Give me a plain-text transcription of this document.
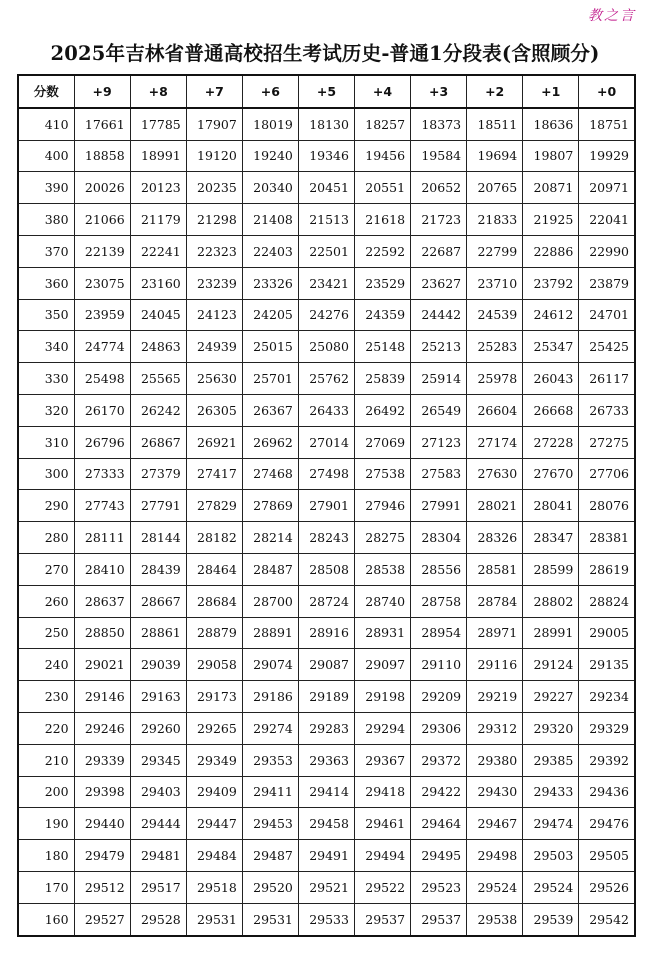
教之言
2025年吉林省普通高校招生考试历史-普通1分段表(含照顾分)
分数	+9	+8	+7	+6	+5	+4	+3	+2	+1	+0
410	17661	17785	17907	18019	18130	18257	18373	18511	18636	18751
400	18858	18991	19120	19240	19346	19456	19584	19694	19807	19929
390	20026	20123	20235	20340	20451	20551	20652	20765	20871	20971
380	21066	21179	21298	21408	21513	21618	21723	21833	21925	22041
370	22139	22241	22323	22403	22501	22592	22687	22799	22886	22990
360	23075	23160	23239	23326	23421	23529	23627	23710	23792	23879
350	23959	24045	24123	24205	24276	24359	24442	24539	24612	24701
340	24774	24863	24939	25015	25080	25148	25213	25283	25347	25425
330	25498	25565	25630	25701	25762	25839	25914	25978	26043	26117
320	26170	26242	26305	26367	26433	26492	26549	26604	26668	26733
310	26796	26867	26921	26962	27014	27069	27123	27174	27228	27275
300	27333	27379	27417	27468	27498	27538	27583	27630	27670	27706
290	27743	27791	27829	27869	27901	27946	27991	28021	28041	28076
280	28111	28144	28182	28214	28243	28275	28304	28326	28347	28381
270	28410	28439	28464	28487	28508	28538	28556	28581	28599	28619
260	28637	28667	28684	28700	28724	28740	28758	28784	28802	28824
250	28850	28861	28879	28891	28916	28931	28954	28971	28991	29005
240	29021	29039	29058	29074	29087	29097	29110	29116	29124	29135
230	29146	29163	29173	29186	29189	29198	29209	29219	29227	29234
220	29246	29260	29265	29274	29283	29294	29306	29312	29320	29329
210	29339	29345	29349	29353	29363	29367	29372	29380	29385	29392
200	29398	29403	29409	29411	29414	29418	29422	29430	29433	29436
190	29440	29444	29447	29453	29458	29461	29464	29467	29474	29476
180	29479	29481	29484	29487	29491	29494	29495	29498	29503	29505
170	29512	29517	29518	29520	29521	29522	29523	29524	29524	29526
160	29527	29528	29531	29531	29533	29537	29537	29538	29539	29542
